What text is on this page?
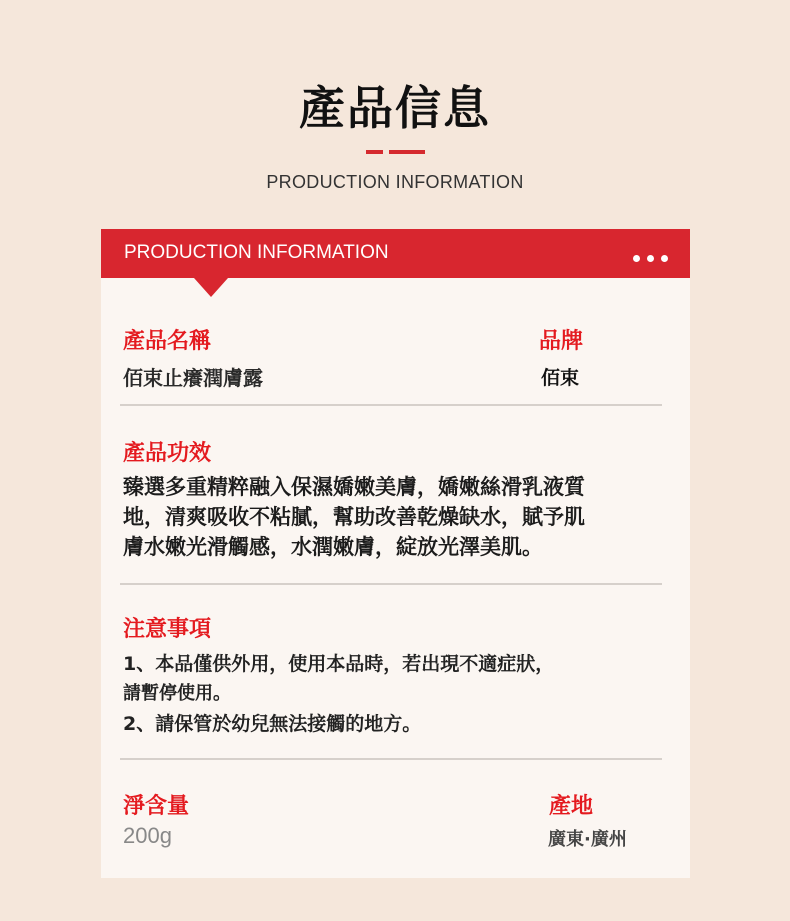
產品信息
PRODUCTION INFORMATION
PRODUCTION INFORMATION
產品名稱
佰束止癢潤膚露
品牌
佰束
產品功效
臻選多重精粹融入保濕嬌嫩美膚，嬌嫩絲滑乳液質
地，清爽吸收不粘膩，幫助改善乾燥缺水，賦予肌
膚水嫩光滑觸感，水潤嫩膚，綻放光澤美肌。
注意事項
1、本品僅供外用，使用本品時，若出現不適症狀，
請暫停使用。
2、請保管於幼兒無法接觸的地方。
淨含量
200g
產地
廣東·廣州
